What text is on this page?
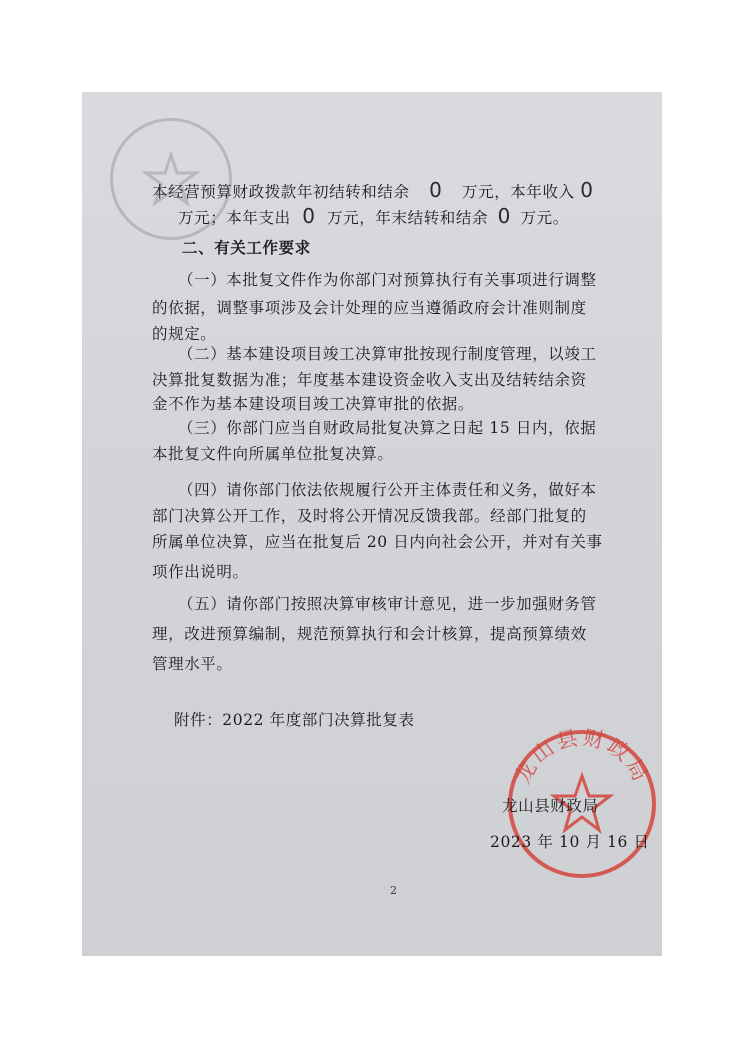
本经营预算财政拨款年初结转和结余 0 万元，本年收入 0
万元；本年支出 0 万元，年末结转和结余 0 万元。
二、有关工作要求
（一）本批复文件作为你部门对预算执行有关事项进行调整
的依据，调整事项涉及会计处理的应当遵循政府会计准则制度
的规定。
（二）基本建设项目竣工决算审批按现行制度管理，以竣工
决算批复数据为准；年度基本建设资金收入支出及结转结余资
金不作为基本建设项目竣工决算审批的依据。
（三）你部门应当自财政局批复决算之日起 15 日内，依据
本批复文件向所属单位批复决算。
（四）请你部门依法依规履行公开主体责任和义务，做好本
部门决算公开工作，及时将公开情况反馈我部。经部门批复的
所属单位决算，应当在批复后 20 日内向社会公开，并对有关事
项作出说明。
（五）请你部门按照决算审核审计意见，进一步加强财务管
理，改进预算编制，规范预算执行和会计核算，提高预算绩效
管理水平。
附件：2022 年度部门决算批复表
龙山县财政局
龙山县财政局
2023 年 10 月 16 日
2
